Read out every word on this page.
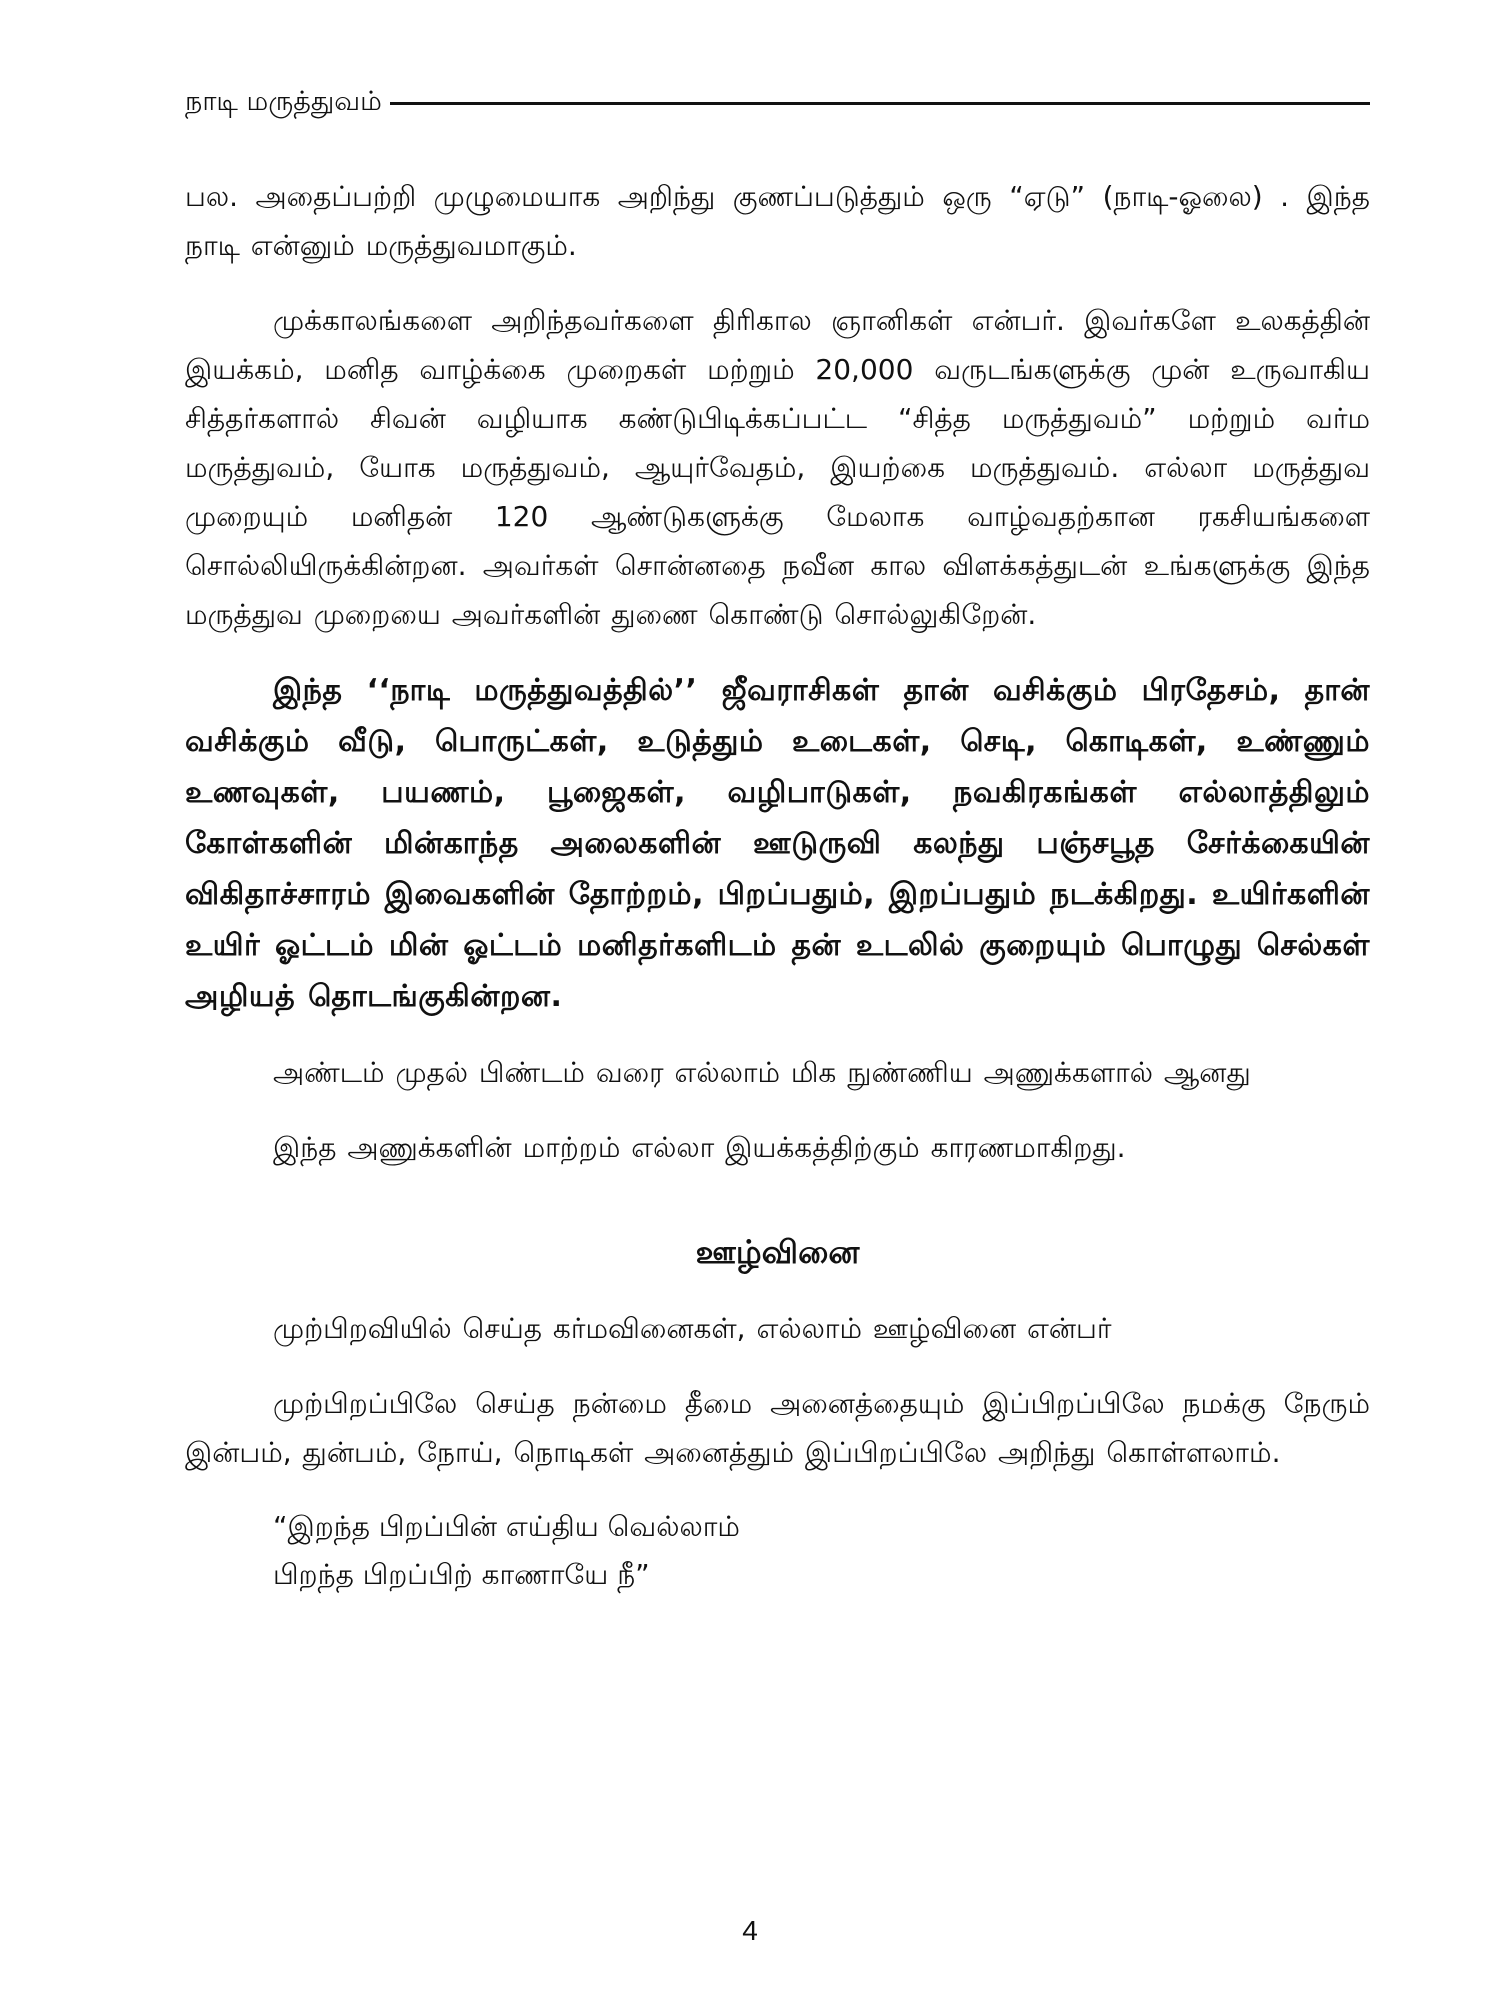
நாடி மருத்துவம்

பல. அதைப்பற்றி முழுமையாக அறிந்து குணப்படுத்தும் ஒரு “ஏடு” (நாடி-ஓலை) . இந்த நாடி என்னும் மருத்துவமாகும்.

முக்காலங்களை அறிந்தவர்களை திரிகால ஞானிகள் என்பர். இவர்களே உலகத்தின் இயக்கம், மனித வாழ்க்கை முறைகள் மற்றும் 20,000 வருடங்களுக்கு முன் உருவாகிய சித்தர்களால் சிவன் வழியாக கண்டுபிடிக்கப்பட்ட “சித்த மருத்துவம்” மற்றும் வர்ம மருத்துவம், யோக மருத்துவம், ஆயுர்வேதம், இயற்கை மருத்துவம். எல்லா மருத்துவ முறையும் மனிதன் 120 ஆண்டுகளுக்கு மேலாக வாழ்வதற்கான ரகசியங்களை சொல்லியிருக்கின்றன. அவர்கள் சொன்னதை நவீன கால விளக்கத்துடன் உங்களுக்கு இந்த மருத்துவ முறையை அவர்களின் துணை கொண்டு சொல்லுகிறேன்.

இந்த ‘‘நாடி மருத்துவத்தில்’’ ஜீவராசிகள் தான் வசிக்கும் பிரதேசம், தான் வசிக்கும் வீடு, பொருட்கள், உடுத்தும் உடைகள், செடி, கொடிகள், உண்ணும் உணவுகள், பயணம், பூஜைகள், வழிபாடுகள், நவகிரகங்கள் எல்லாத்திலும் கோள்களின் மின்காந்த அலைகளின் ஊடுருவி கலந்து பஞ்சபூத சேர்க்கையின் விகிதாச்சாரம் இவைகளின் தோற்றம், பிறப்பதும், இறப்பதும் நடக்கிறது. உயிர்களின் உயிர் ஓட்டம் மின் ஓட்டம் மனிதர்களிடம் தன் உடலில் குறையும் பொழுது செல்கள் அழியத் தொடங்குகின்றன.

அண்டம் முதல் பிண்டம் வரை எல்லாம் மிக நுண்ணிய அணுக்களால் ஆனது

இந்த அணுக்களின் மாற்றம் எல்லா இயக்கத்திற்கும் காரணமாகிறது.

ஊழ்வினை

முற்பிறவியில் செய்த கர்மவினைகள், எல்லாம் ஊழ்வினை என்பர்

முற்பிறப்பிலே செய்த நன்மை தீமை அனைத்தையும் இப்பிறப்பிலே நமக்கு நேரும் இன்பம், துன்பம், நோய், நொடிகள் அனைத்தும் இப்பிறப்பிலே அறிந்து கொள்ளலாம்.

“இறந்த பிறப்பின் எய்திய வெல்லாம்

பிறந்த பிறப்பிற் காணாயே நீ”

4
